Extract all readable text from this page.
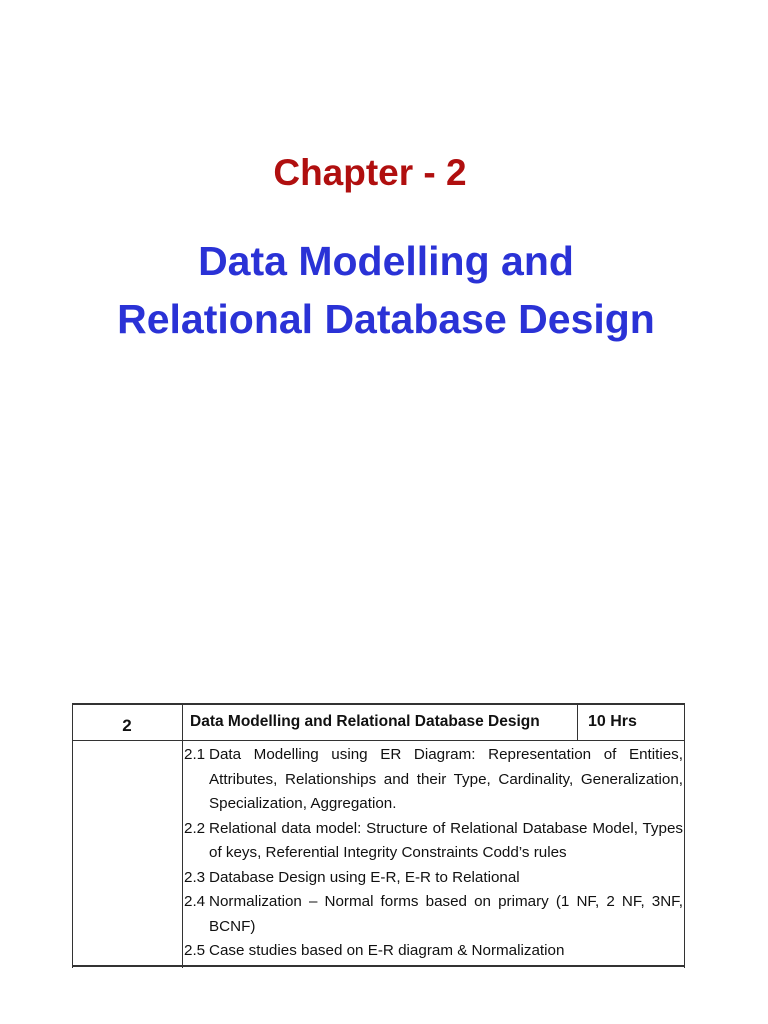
Chapter - 2
Data Modelling and
Relational Database Design
2	Data Modelling and Relational Database Design	10 Hrs
2.1 Data Modelling using ER Diagram: Representation of Entities, Attributes, Relationships and their Type, Cardinality, Generalization, Specialization, Aggregation.
2.2 Relational data model: Structure of Relational Database Model, Types of keys, Referential Integrity Constraints Codd’s rules
2.3 Database Design using E-R, E-R to Relational
2.4 Normalization – Normal forms based on primary (1 NF, 2 NF, 3NF, BCNF)
2.5 Case studies based on E-R diagram & Normalization
